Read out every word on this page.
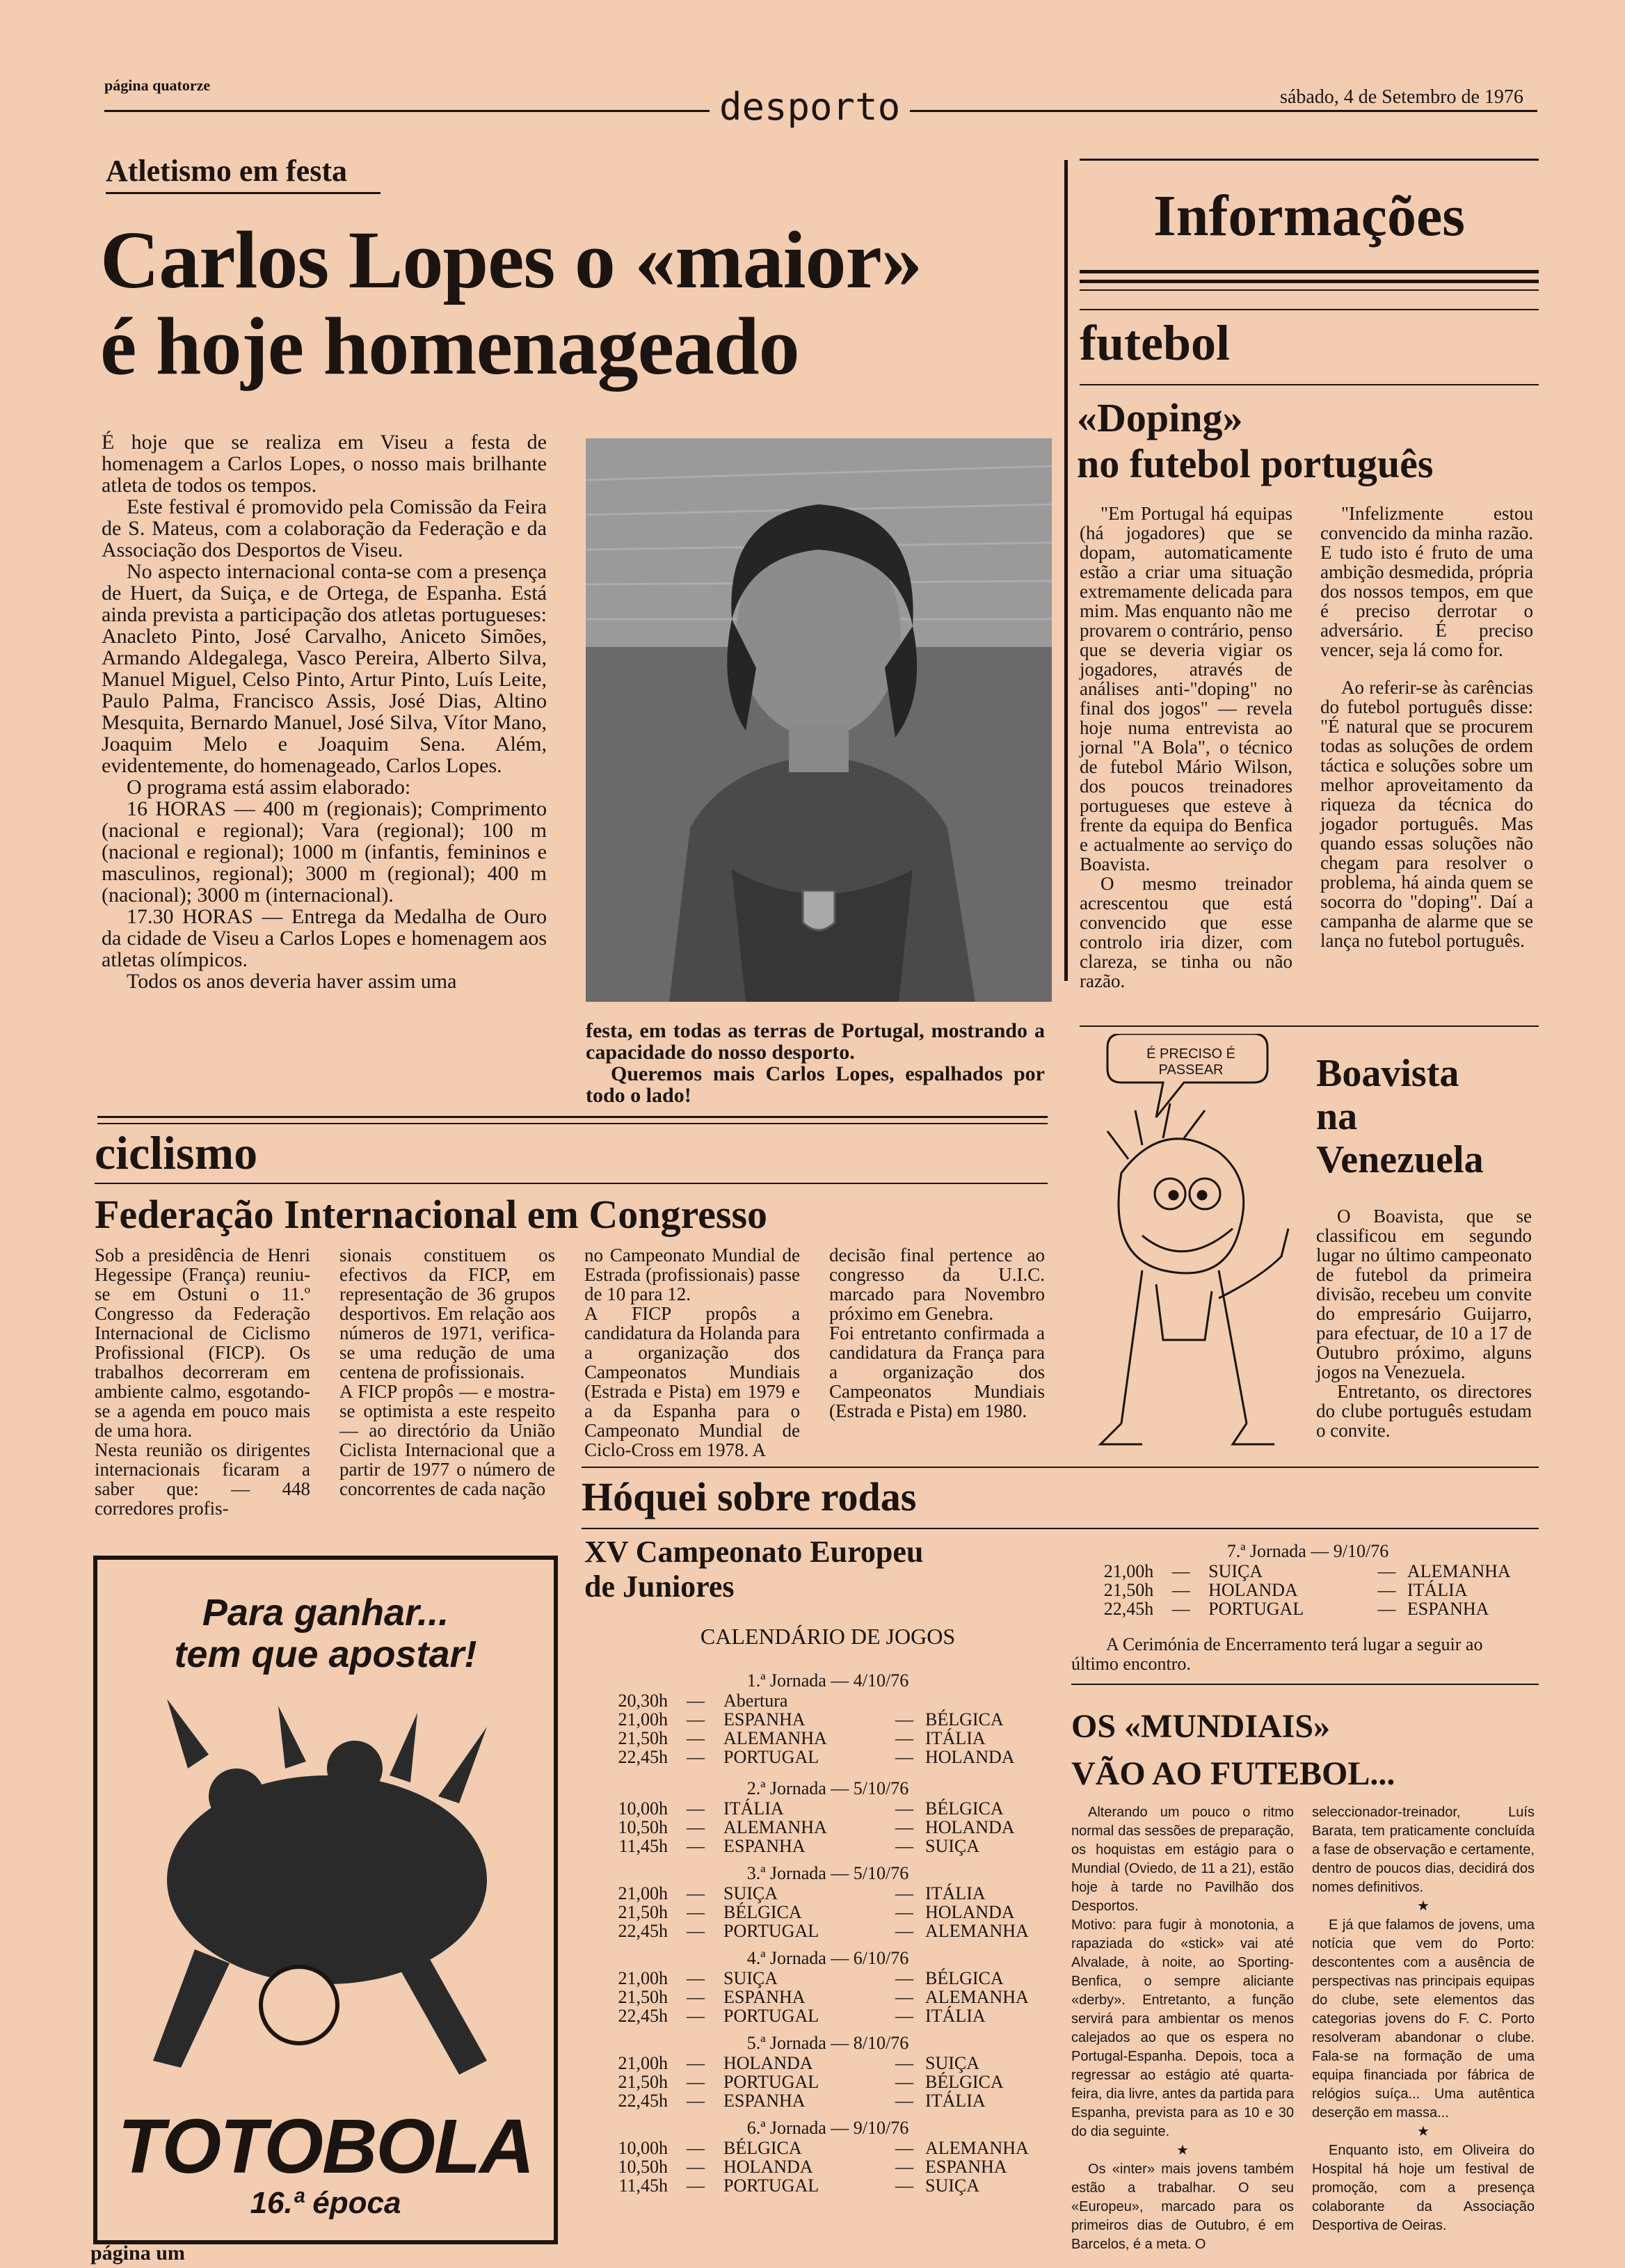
página quatorze	desporto	sábado, 4 de Setembro de 1976
Atletismo em festa
Carlos Lopes o «maior»
é hoje homenageado

É hoje que se realiza em Viseu a festa de homenagem a Carlos Lopes, o nosso mais brilhante atleta de todos os tempos.

Este festival é promovido pela Comissão da Feira de S. Mateus, com a colaboração da Federação e da Associação dos Desportos de Viseu.

No aspecto internacional conta-se com a presença de Huert, da Suiça, e de Ortega, de Espanha. Está ainda prevista a participação dos atletas portugueses: Anacleto Pinto, José Carvalho, Aniceto Simões, Armando Aldegalega, Vasco Pereira, Alberto Silva, Manuel Miguel, Celso Pinto, Artur Pinto, Luís Leite, Paulo Palma, Francisco Assis, José Dias, Altino Mesquita, Bernardo Manuel, José Silva, Vítor Mano, Joaquim Melo e Joaquim Sena. Além, evidentemente, do homenageado, Carlos Lopes.

O programa está assim elaborado:

16 HORAS — 400 m (regionais); Comprimento (nacional e regional); Vara (regional); 100 m (nacional e regional); 1000 m (infantis, femininos e masculinos, regional); 3000 m (regional); 400 m (nacional); 3000 m (internacional).

17.30 HORAS — Entrega da Medalha de Ouro da cidade de Viseu a Carlos Lopes e homenagem aos atletas olímpicos.

Todos os anos deveria haver assim uma

festa, em todas as terras de Portugal, mostrando a capacidade do nosso desporto.

Queremos mais Carlos Lopes, espalhados por todo o lado!

ciclismo
Federação Internacional em Congresso
Sob a presidência de Henri Hegessipe (França) reuniu-se em Ostuni o 11.º Congresso da Federação Internacional de Ciclismo Profissional (FICP). Os trabalhos decorreram em ambiente calmo, esgotando-se a agenda em pouco mais de uma hora.
Nesta reunião os dirigentes internacionais ficaram a saber que: — 448 corredores profis-
sionais constituem os efectivos da FICP, em representação de 36 grupos desportivos. Em relação aos números de 1971, verifica-se uma redução de uma centena de profissionais.
A FICP propôs — e mostra-se optimista a este respeito — ao directório da União Ciclista Internacional que a partir de 1977 o número de concorrentes de cada nação
no Campeonato Mundial de Estrada (profissionais) passe de 10 para 12.
A FICP propôs a candidatura da Holanda para a organização dos Campeonatos Mundiais (Estrada e Pista) em 1979 e a da Espanha para o Campeonato Mundial de Ciclo-Cross em 1978. A
decisão final pertence ao congresso da U.I.C. marcado para Novembro próximo em Genebra.
Foi entretanto confirmada a candidatura da França para a organização dos Campeonatos Mundiais (Estrada e Pista) em 1980.
Informações
futebol
«Doping»
no futebol português

"Em Portugal há equipas (há jogadores) que se dopam, automaticamente estão a criar uma situação extremamente delicada para mim. Mas enquanto não me provarem o contrário, penso que se deveria vigiar os jogadores, através de análises anti-"doping" no final dos jogos" — revela hoje numa entrevista ao jornal "A Bola", o técnico de futebol Mário Wilson, dos poucos treinadores portugueses que esteve à frente da equipa do Benfica e actualmente ao serviço do Boavista.

O mesmo treinador acrescentou que está convencido que esse controlo iria dizer, com clareza, se tinha ou não razão.

"Infelizmente estou convencido da minha razão. E tudo isto é fruto de uma ambição desmedida, própria dos nossos tempos, em que é preciso derrotar o adversário. É preciso vencer, seja lá como for.

Ao referir-se às carências do futebol português disse: "É natural que se procurem todas as soluções de ordem táctica e soluções sobre um melhor aproveitamento da riqueza da técnica do jogador português. Mas quando essas soluções não chegam para resolver o problema, há ainda quem se socorra do "doping". Daí a campanha de alarme que se lança no futebol português.

É PRECISO É PASSEAR	Boavista
na
Venezuela

O Boavista, que se classificou em segundo lugar no último campeonato de futebol da primeira divisão, recebeu um convite do empresário Guijarro, para efectuar, de 10 a 17 de Outubro próximo, alguns jogos na Venezuela.

Entretanto, os directores do clube português estudam o convite.

Para ganhar...
tem que apostar!
TOTOBOLA
16.ª época
Hóquei sobre rodas
XV Campeonato Europeu
de Juniores
CALENDÁRIO DE JOGOS
1.ª Jornada — 4/10/76
20,30h	—	Abertura
21,00h	—	ESPANHA	— BÉLGICA
21,50h	—	ALEMANHA	— ITÁLIA
22,45h	—	PORTUGAL	— HOLANDA
2.ª Jornada — 5/10/76
10,00h	—	ITÁLIA	— BÉLGICA
10,50h	—	ALEMANHA	— HOLANDA
11,45h	—	ESPANHA	— SUIÇA
3.ª Jornada — 5/10/76
21,00h	—	SUIÇA	— ITÁLIA
21,50h	—	BÉLGICA	— HOLANDA
22,45h	—	PORTUGAL	— ALEMANHA
4.ª Jornada — 6/10/76
21,00h	—	SUIÇA	— BÉLGICA
21,50h	—	ESPANHA	— ALEMANHA
22,45h	—	PORTUGAL	— ITÁLIA
5.ª Jornada — 8/10/76
21,00h	—	HOLANDA	— SUIÇA
21,50h	—	PORTUGAL	— BÉLGICA
22,45h	—	ESPANHA	— ITÁLIA
6.ª Jornada — 9/10/76
10,00h	—	BÉLGICA	— ALEMANHA
10,50h	—	HOLANDA	— ESPANHA
11,45h	—	PORTUGAL	— SUIÇA
7.ª Jornada — 9/10/76
21,00h	—	SUIÇA	— ALEMANHA
21,50h	—	HOLANDA	— ITÁLIA
22,45h	—	PORTUGAL	— ESPANHA
A Cerimónia de Encerramento terá lugar a seguir ao último encontro.
OS «MUNDIAIS»
VÃO AO FUTEBOL...

Alterando um pouco o ritmo normal das sessões de preparação, os hoquistas em estágio para o Mundial (Oviedo, de 11 a 21), estão hoje à tarde no Pavilhão dos Desportos.

Motivo: para fugir à monotonia, a rapaziada do «stick» vai até Alvalade, à noite, ao Sporting-Benfica, o sempre aliciante «derby». Entretanto, a função servirá para ambientar os menos calejados ao que os espera no Portugal-Espanha. Depois, toca a regressar ao estágio até quarta-feira, dia livre, antes da partida para Espanha, prevista para as 10 e 30 do dia seguinte.

★

Os «inter» mais jovens também estão a trabalhar. O seu «Europeu», marcado para os primeiros dias de Outubro, é em Barcelos, é a meta. O

seleccionador-treinador, Luís Barata, tem praticamente concluída a fase de observação e certamente, dentro de poucos dias, decidirá dos nomes definitivos.

★

E já que falamos de jovens, uma notícia que vem do Porto: descontentes com a ausência de perspectivas nas principais equipas do clube, sete elementos das categorias jovens do F. C. Porto resolveram abandonar o clube. Fala-se na formação de uma equipa financiada por fábrica de relógios suíça... Uma autêntica deserção em massa...

★

Enquanto isto, em Oliveira do Hospital há hoje um festival de promoção, com a presença colaborante da Associação Desportiva de Oeiras.

página um
